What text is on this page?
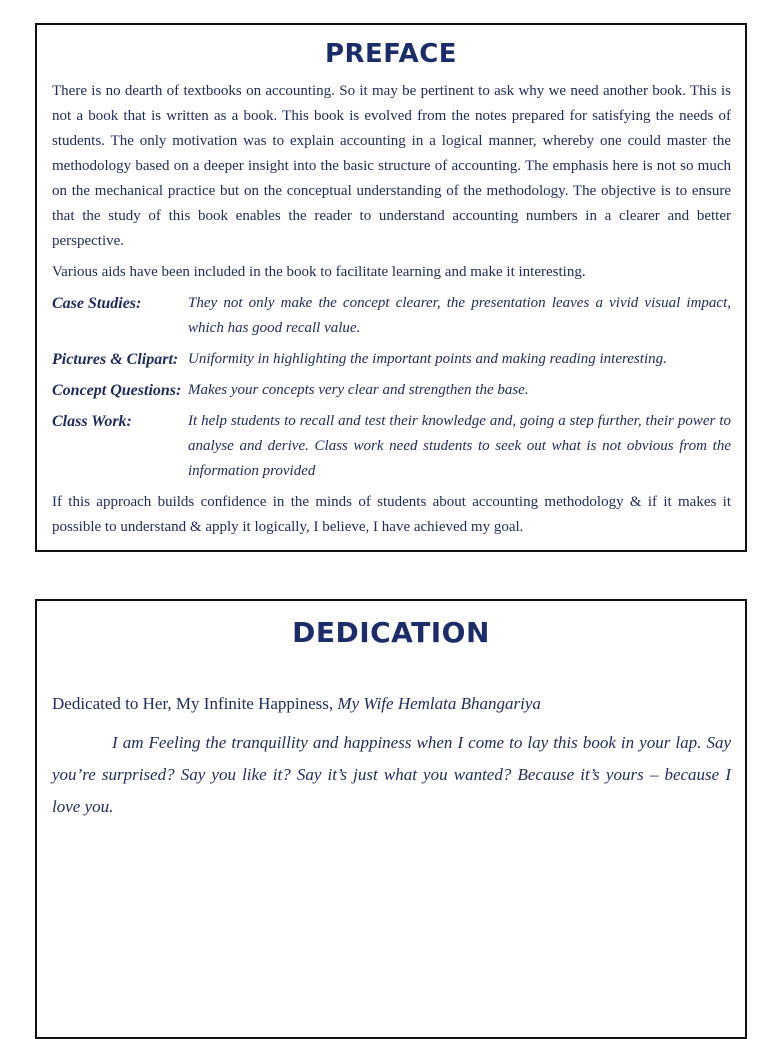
PREFACE

There is no dearth of textbooks on accounting. So it may be pertinent to ask why we need another book. This is not a book that is written as a book. This book is evolved from the notes prepared for satisfying the needs of students. The only motivation was to explain accounting in a logical manner, whereby one could master the methodology based on a deeper insight into the basic structure of accounting. The emphasis here is not so much on the mechanical practice but on the conceptual understanding of the methodology. The objective is to ensure that the study of this book enables the reader to understand accounting numbers in a clearer and better perspective.

Various aids have been included in the book to facilitate learning and make it interesting.

Case Studies:	They not only make the concept clearer, the presentation leaves a vivid visual impact, which has good recall value.
Pictures & Clipart: Uniformity in highlighting the important points and making reading interesting.
Concept Questions: Makes your concepts very clear and strengthen the base.
Class Work:	It help students to recall and test their knowledge and, going a step further, their power to analyse and derive. Class work need students to seek out what is not obvious from the information provided

If this approach builds confidence in the minds of students about accounting methodology & if it makes it possible to understand & apply it logically, I believe, I have achieved my goal.

DEDICATION

Dedicated to Her, My Infinite Happiness, My Wife Hemlata Bhangariya

I am Feeling the tranquillity and happiness when I come to lay this book in your lap. Say you’re surprised? Say you like it? Say it’s just what you wanted? Because it’s yours – because I love you.
